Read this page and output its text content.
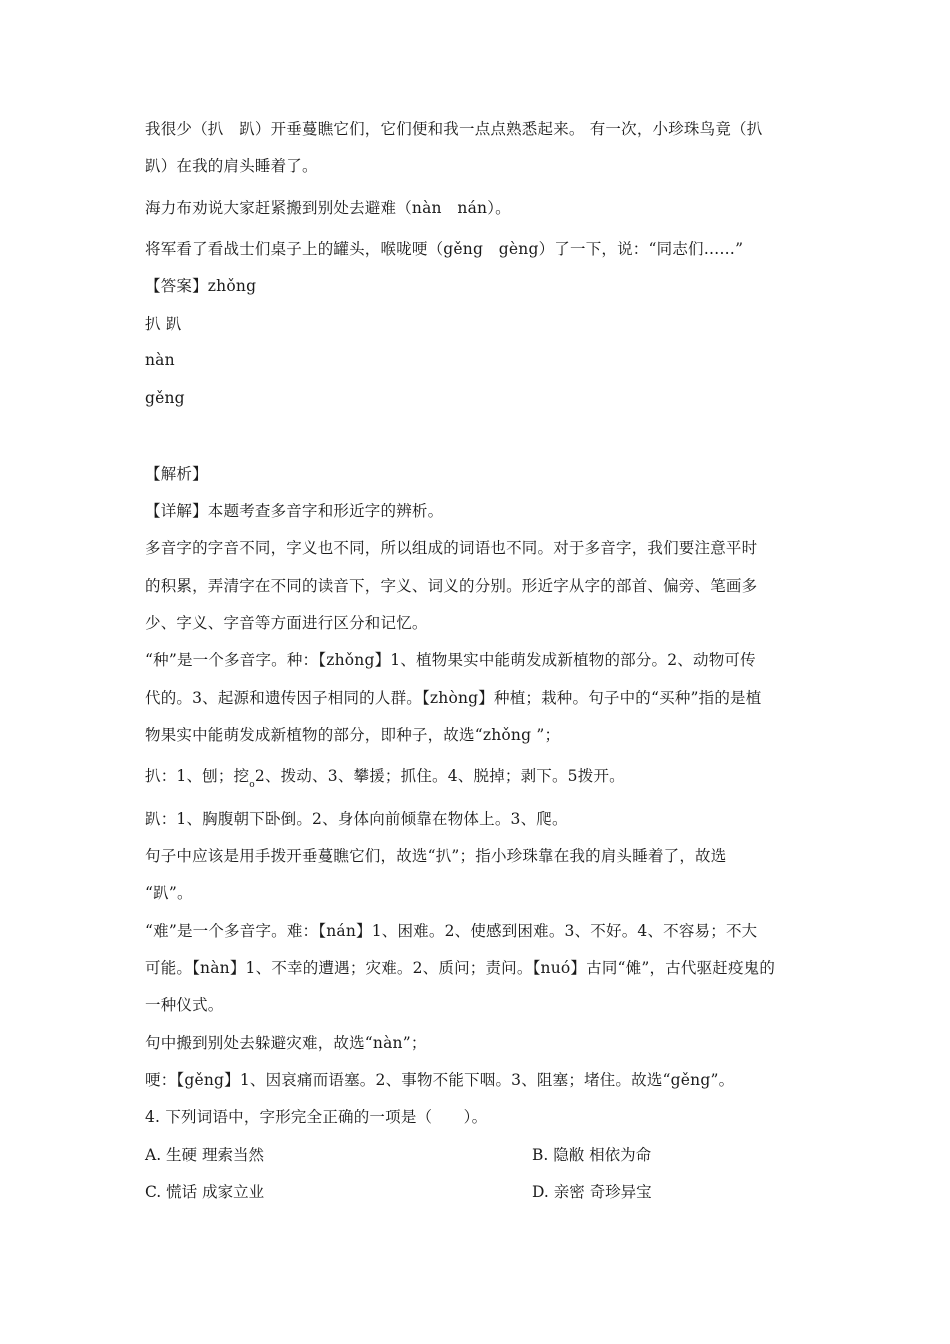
我很少（扒　趴）开垂蔓瞧它们，它们便和我一点点熟悉起来。 有一次，小珍珠鸟竟（扒
趴）在我的肩头睡着了。
海力布劝说大家赶紧搬到别处去避难（nàn　nán）。
将军看了看战士们桌子上的罐头，喉咙哽（gěng　gèng）了一下，说：“同志们……”
【答案】zhǒng
扒 趴
nàn
gěng
【解析】
【详解】本题考查多音字和形近字的辨析。
多音字的字音不同，字义也不同，所以组成的词语也不同。对于多音字，我们要注意平时
的积累，弄清字在不同的读音下，字义、词义的分别。形近字从字的部首、偏旁、笔画多
少、字义、字音等方面进行区分和记忆。
“种”是一个多音字。种：【zhǒng】1、植物果实中能萌发成新植物的部分。2、动物可传
代的。3、起源和遗传因子相同的人群。【zhòng】种植；栽种。句子中的“买种”指的是植
物果实中能萌发成新植物的部分，即种子，故选“zhǒng ”；
扒：1、刨；挖$_o$2、拨动、3、攀援；抓住。4、脱掉；剥下。5拨开。
趴：1、胸腹朝下卧倒。2、身体向前倾靠在物体上。3、爬。
句子中应该是用手拨开垂蔓瞧它们，故选“扒”；指小珍珠靠在我的肩头睡着了，故选
“趴”。
“难”是一个多音字。难：【nán】1、困难。2、使感到困难。3、不好。4、不容易；不大
可能。【nàn】1、不幸的遭遇；灾难。2、质问；责问。【nuó】古同“傩”，古代驱赶疫鬼的
一种仪式。
句中搬到别处去躲避灾难，故选“nàn”；
哽：【gěng】1、因哀痛而语塞。2、事物不能下咽。3、阻塞；堵住。故选“gěng”。
4. 下列词语中，字形完全正确的一项是（　　）。
A. 生硬 理索当然	B. 隐敝 相依为命
C. 慌话 成家立业	D. 亲密 奇珍异宝
